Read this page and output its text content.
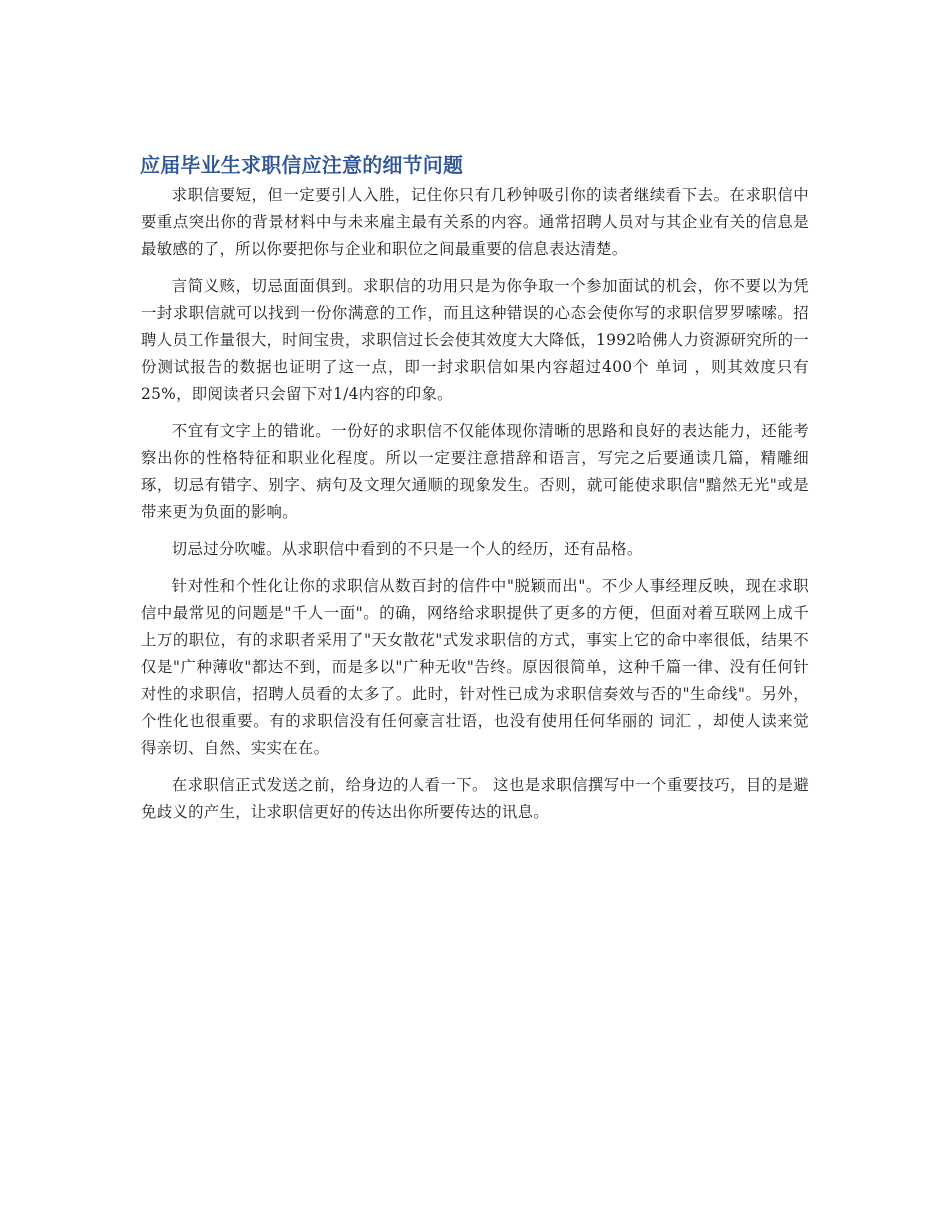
应届毕业生求职信应注意的细节问题

求职信要短，但一定要引人入胜，记住你只有几秒钟吸引你的读者继续看下去。在求职信中要重点突出你的背景材料中与未来雇主最有关系的内容。通常招聘人员对与其企业有关的信息是最敏感的了，所以你要把你与企业和职位之间最重要的信息表达清楚。

言简义赅，切忌面面俱到。求职信的功用只是为你争取一个参加面试的机会，你不要以为凭一封求职信就可以找到一份你满意的工作，而且这种错误的心态会使你写的求职信罗罗嗦嗦。招聘人员工作量很大，时间宝贵，求职信过长会使其效度大大降低，1992哈佛人力资源研究所的一份测试报告的数据也证明了这一点，即一封求职信如果内容超过400个 单词 ，则其效度只有25%，即阅读者只会留下对1/4内容的印象。

不宜有文字上的错讹。一份好的求职信不仅能体现你清晰的思路和良好的表达能力，还能考察出你的性格特征和职业化程度。所以一定要注意措辞和语言，写完之后要通读几篇，精雕细琢，切忌有错字、别字、病句及文理欠通顺的现象发生。否则，就可能使求职信"黯然无光"或是带来更为负面的影响。

切忌过分吹嘘。从求职信中看到的不只是一个人的经历，还有品格。

针对性和个性化让你的求职信从数百封的信件中"脱颖而出"。不少人事经理反映，现在求职信中最常见的问题是"千人一面"。的确，网络给求职提供了更多的方便，但面对着互联网上成千上万的职位，有的求职者采用了"天女散花"式发求职信的方式，事实上它的命中率很低，结果不仅是"广种薄收"都达不到，而是多以"广种无收"告终。原因很简单，这种千篇一律、没有任何针对性的求职信，招聘人员看的太多了。此时，针对性已成为求职信奏效与否的"生命线"。另外，个性化也很重要。有的求职信没有任何豪言壮语，也没有使用任何华丽的 词汇 ，却使人读来觉得亲切、自然、实实在在。

在求职信正式发送之前，给身边的人看一下。 这也是求职信撰写中一个重要技巧，目的是避免歧义的产生，让求职信更好的传达出你所要传达的讯息。
